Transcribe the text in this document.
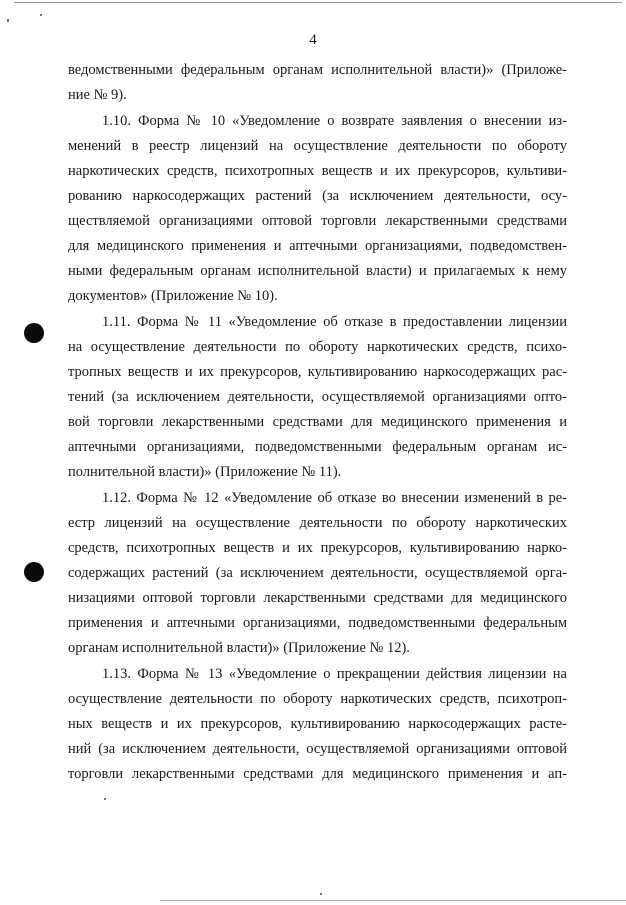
4
ведомственными федеральным органам исполнительной власти)» (Приложе-
ние № 9).
1.10. Форма № 10 «Уведомление о возврате заявления о внесении из-
менений в реестр лицензий на осуществление деятельности по обороту
наркотических средств, психотропных веществ и их прекурсоров, культиви-
рованию наркосодержащих растений (за исключением деятельности, осу-
ществляемой организациями оптовой торговли лекарственными средствами
для медицинского применения и аптечными организациями, подведомствен-
ными федеральным органам исполнительной власти) и прилагаемых к нему
документов» (Приложение № 10).
1.11. Форма № 11 «Уведомление об отказе в предоставлении лицензии
на осуществление деятельности по обороту наркотических средств, психо-
тропных веществ и их прекурсоров, культивированию наркосодержащих рас-
тений (за исключением деятельности, осуществляемой организациями опто-
вой торговли лекарственными средствами для медицинского применения и
аптечными организациями, подведомственными федеральным органам ис-
полнительной власти)» (Приложение № 11).
1.12. Форма № 12 «Уведомление об отказе во внесении изменений в ре-
естр лицензий на осуществление деятельности по обороту наркотических
средств, психотропных веществ и их прекурсоров, культивированию нарко-
содержащих растений (за исключением деятельности, осуществляемой орга-
низациями оптовой торговли лекарственными средствами для медицинского
применения и аптечными организациями, подведомственными федеральным
органам исполнительной власти)» (Приложение № 12).
1.13. Форма № 13 «Уведомление о прекращении действия лицензии на
осуществление деятельности по обороту наркотических средств, психотроп-
ных веществ и их прекурсоров, культивированию наркосодержащих расте-
ний (за исключением деятельности, осуществляемой организациями оптовой
торговли лекарственными средствами для медицинского применения и ап-
